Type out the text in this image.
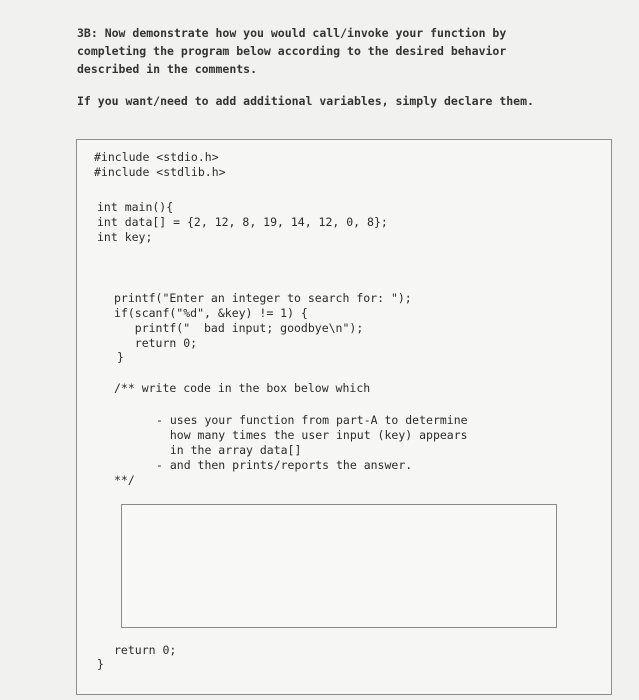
3B: Now demonstrate how you would call/invoke your function by
completing the program below according to the desired behavior
described in the comments.
If you want/need to add additional variables, simply declare them.
#include <stdio.h>
#include <stdlib.h>
int main(){
int data[] = {2, 12, 8, 19, 14, 12, 0, 8};
int key;
printf("Enter an integer to search for: ");
if(scanf("%d", &key) != 1) {
printf("  bad input; goodbye\n");
return 0;
}
/** write code in the box below which
- uses your function from part-A to determine
how many times the user input (key) appears
in the array data[]
- and then prints/reports the answer.
**/
return 0;
}
